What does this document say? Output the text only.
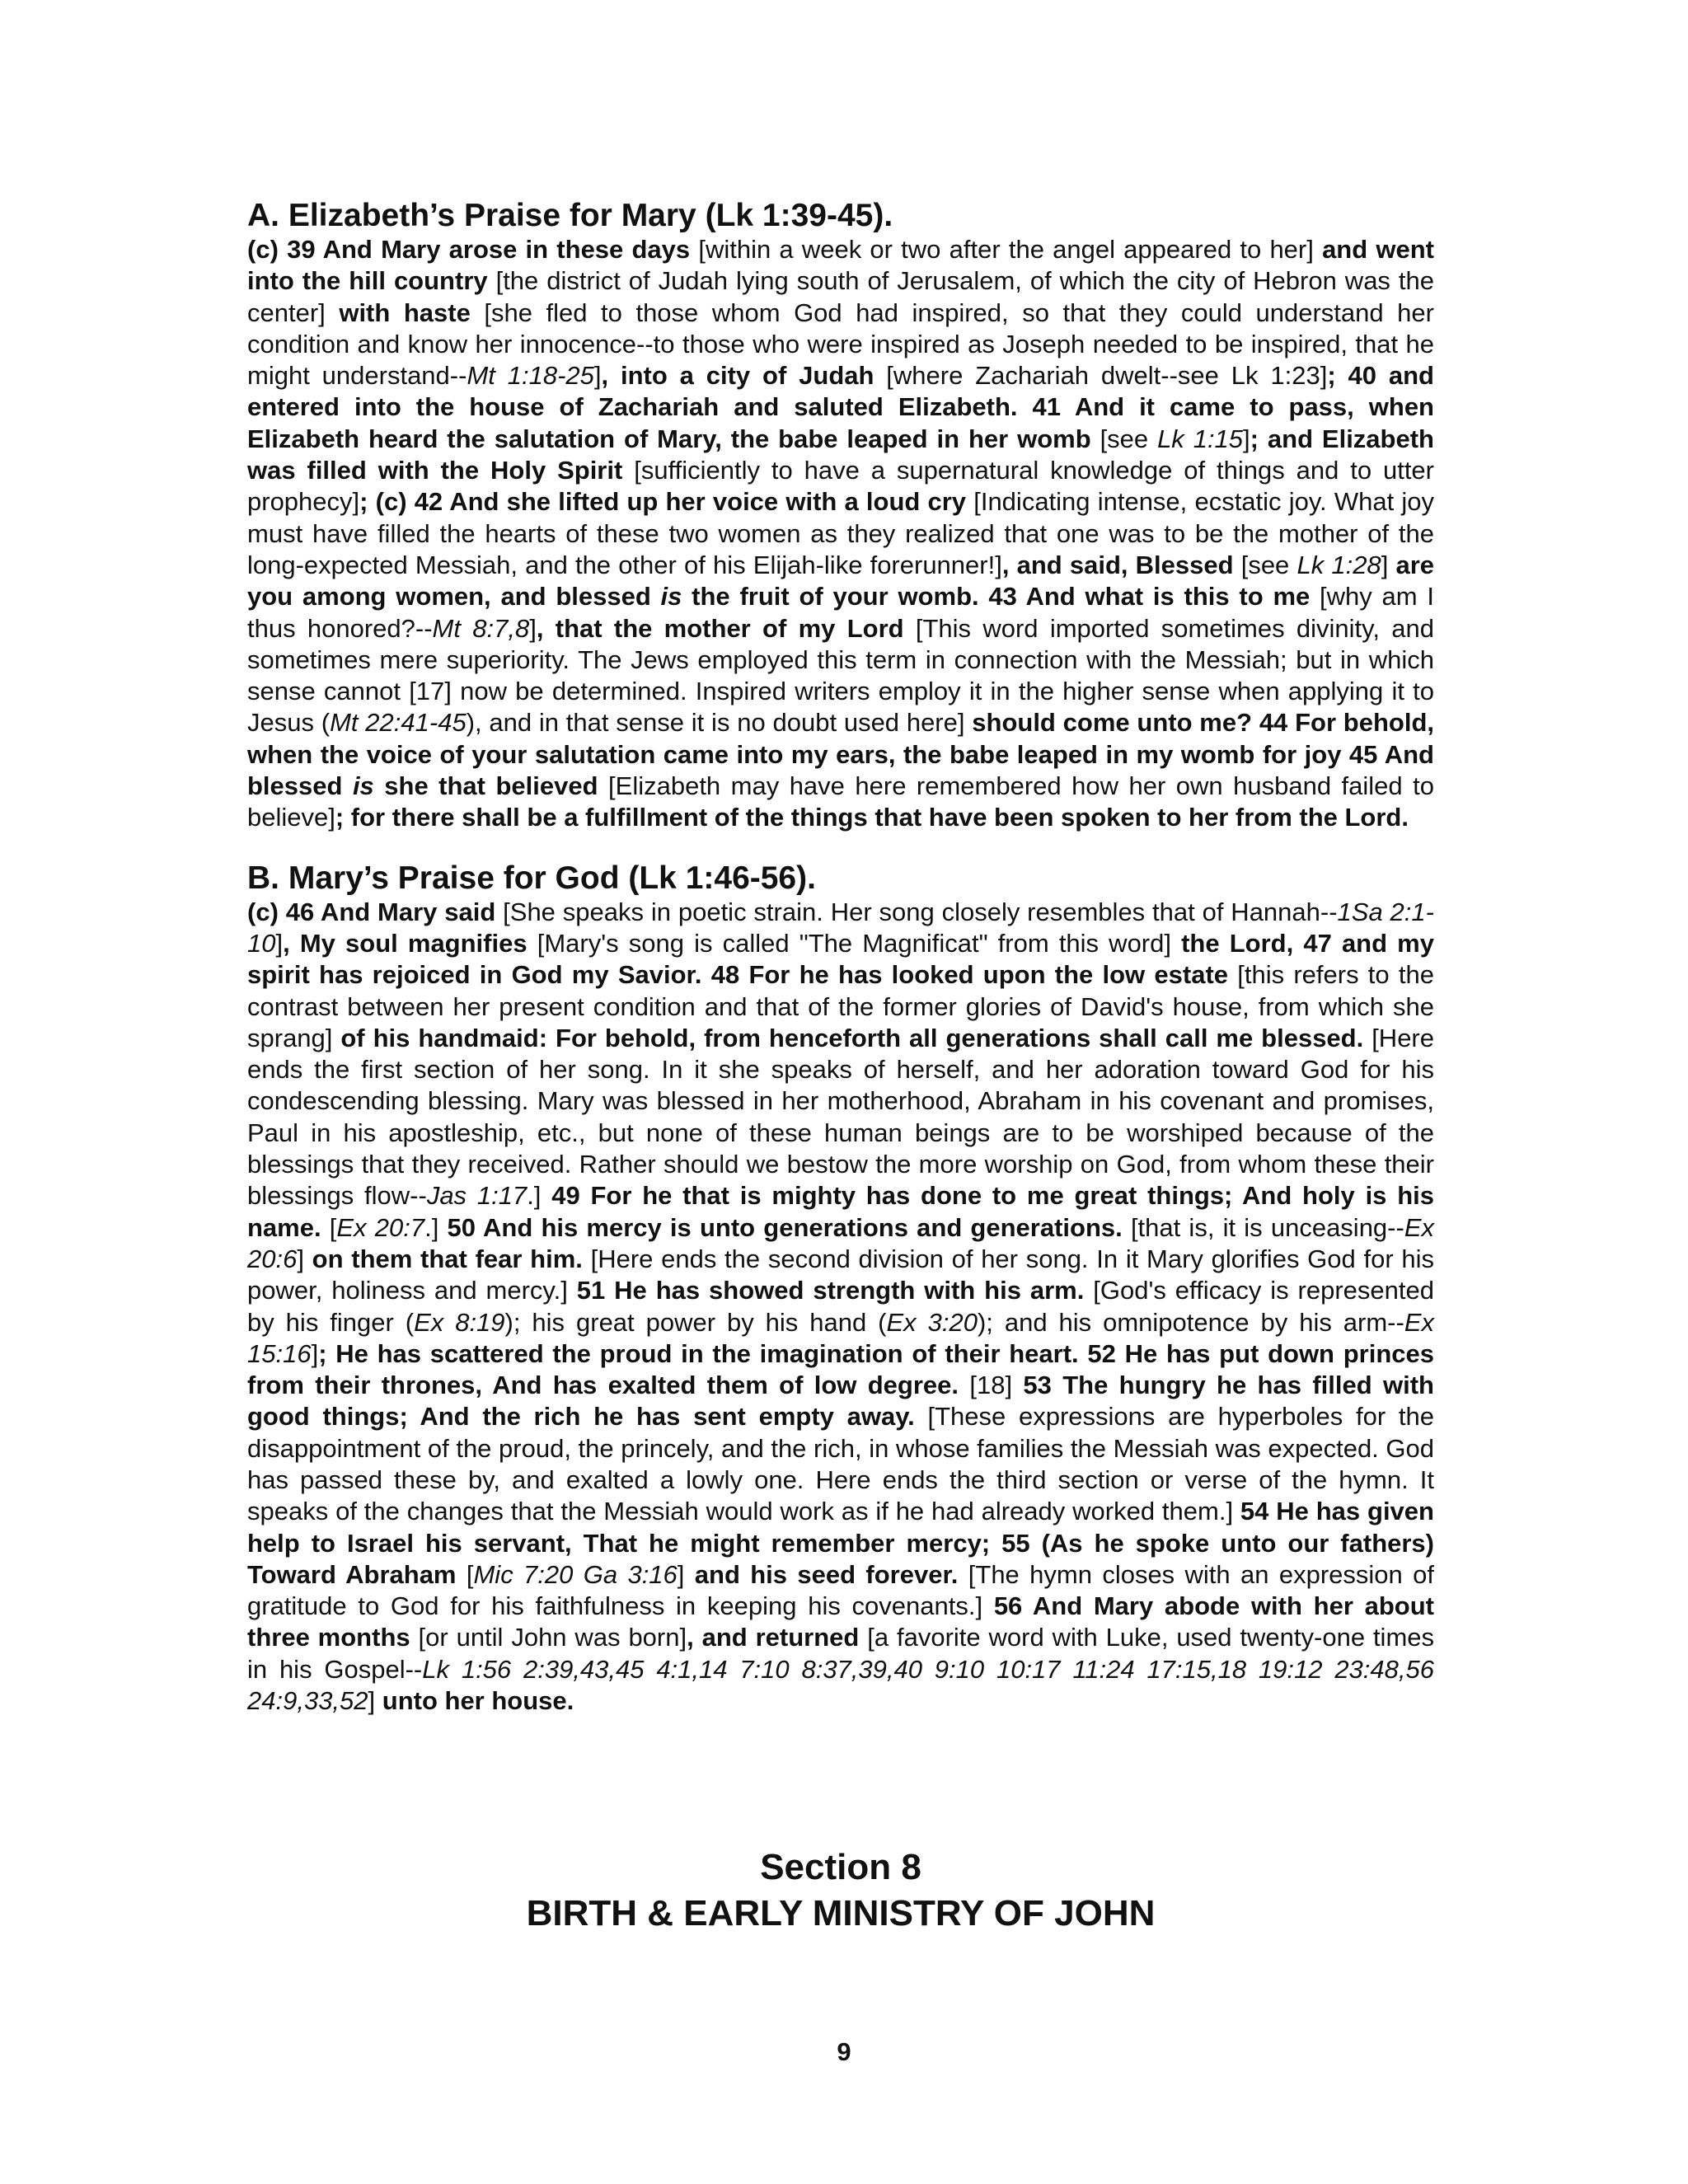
A. Elizabeth’s Praise for Mary (Lk 1:39-45).

(c) 39 And Mary arose in these days [within a week or two after the angel appeared to her] and went into the hill country [the district of Judah lying south of Jerusalem, of which the city of Hebron was the center] with haste [she fled to those whom God had inspired, so that they could understand her condition and know her innocence--to those who were inspired as Joseph needed to be inspired, that he might understand--Mt 1:18-25], into a city of Judah [where Zachariah dwelt--see Lk 1:23]; 40 and entered into the house of Zachariah and saluted Elizabeth. 41 And it came to pass, when Elizabeth heard the salutation of Mary, the babe leaped in her womb [see Lk 1:15]; and Elizabeth was filled with the Holy Spirit [sufficiently to have a supernatural knowledge of things and to utter prophecy]; (c) 42 And she lifted up her voice with a loud cry [Indicating intense, ecstatic joy. What joy must have filled the hearts of these two women as they realized that one was to be the mother of the long-expected Messiah, and the other of his Elijah-like forerunner!], and said, Blessed [see Lk 1:28] are you among women, and blessed is the fruit of your womb. 43 And what is this to me [why am I thus honored?--Mt 8:7,8], that the mother of my Lord [This word imported sometimes divinity, and sometimes mere superiority. The Jews employed this term in connection with the Messiah; but in which sense cannot [17] now be determined. Inspired writers employ it in the higher sense when applying it to Jesus (Mt 22:41-45), and in that sense it is no doubt used here] should come unto me? 44 For behold, when the voice of your salutation came into my ears, the babe leaped in my womb for joy 45 And blessed is she that believed [Elizabeth may have here remembered how her own husband failed to believe]; for there shall be a fulfillment of the things that have been spoken to her from the Lord.

B. Mary’s Praise for God (Lk 1:46-56).

(c) 46 And Mary said [She speaks in poetic strain. Her song closely resembles that of Hannah--1Sa 2:1-10], My soul magnifies [Mary's song is called "The Magnificat" from this word] the Lord, 47 and my spirit has rejoiced in God my Savior. 48 For he has looked upon the low estate [this refers to the contrast between her present condition and that of the former glories of David's house, from which she sprang] of his handmaid: For behold, from henceforth all generations shall call me blessed. [Here ends the first section of her song. In it she speaks of herself, and her adoration toward God for his condescending blessing. Mary was blessed in her motherhood, Abraham in his covenant and promises, Paul in his apostleship, etc., but none of these human beings are to be worshiped because of the blessings that they received. Rather should we bestow the more worship on God, from whom these their blessings flow--Jas 1:17.] 49 For he that is mighty has done to me great things; And holy is his name. [Ex 20:7.] 50 And his mercy is unto generations and generations. [that is, it is unceasing--Ex 20:6] on them that fear him. [Here ends the second division of her song. In it Mary glorifies God for his power, holiness and mercy.] 51 He has showed strength with his arm. [God's efficacy is represented by his finger (Ex 8:19); his great power by his hand (Ex 3:20); and his omnipotence by his arm--Ex 15:16]; He has scattered the proud in the imagination of their heart. 52 He has put down princes from their thrones, And has exalted them of low degree. [18] 53 The hungry he has filled with good things; And the rich he has sent empty away. [These expressions are hyperboles for the disappointment of the proud, the princely, and the rich, in whose families the Messiah was expected. God has passed these by, and exalted a lowly one. Here ends the third section or verse of the hymn. It speaks of the changes that the Messiah would work as if he had already worked them.] 54 He has given help to Israel his servant, That he might remember mercy; 55 (As he spoke unto our fathers) Toward Abraham [Mic 7:20 Ga 3:16] and his seed forever. [The hymn closes with an expression of gratitude to God for his faithfulness in keeping his covenants.] 56 And Mary abode with her about three months [or until John was born], and returned [a favorite word with Luke, used twenty-one times in his Gospel--Lk 1:56 2:39,43,45 4:1,14 7:10 8:37,39,40 9:10 10:17 11:24 17:15,18 19:12 23:48,56 24:9,33,52] unto her house.

Section 8
BIRTH & EARLY MINISTRY OF JOHN
9
